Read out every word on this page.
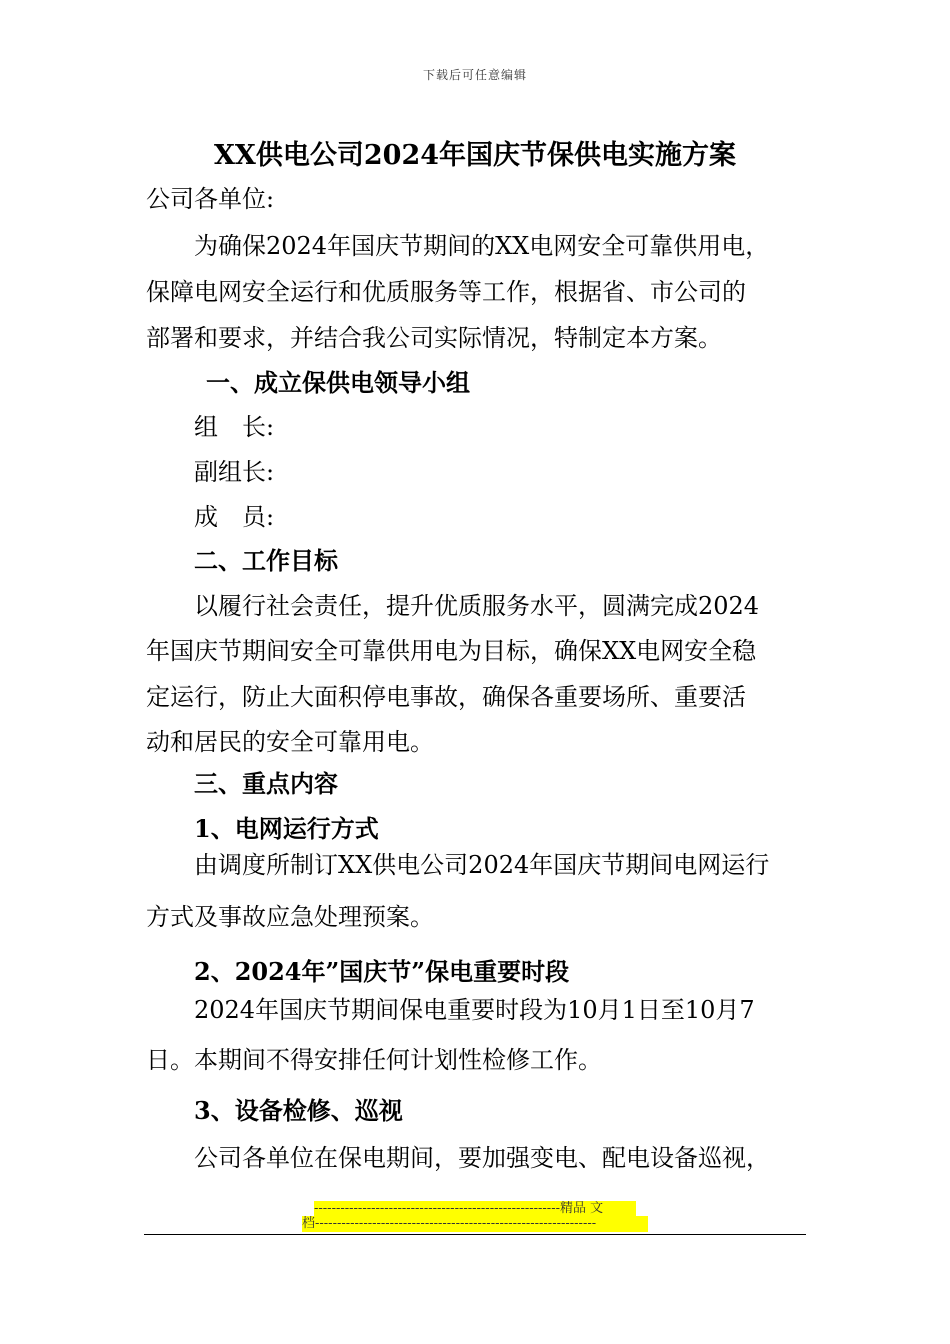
下载后可任意编辑
XX供电公司2024年国庆节保供电实施方案
公司各单位:
为确保2024年国庆节期间的XX电网安全可靠供用电，
保障电网安全运行和优质服务等工作，根据省、市公司的
部署和要求，并结合我公司实际情况，特制定本方案。
一、成立保供电领导小组
组　长:
副组长:
成　员:
二、工作目标
以履行社会责任，提升优质服务水平，圆满完成2024
年国庆节期间安全可靠供用电为目标，确保XX电网安全稳
定运行，防止大面积停电事故，确保各重要场所、重要活
动和居民的安全可靠用电。
三、重点内容
1、电网运行方式
由调度所制订XX供电公司2024年国庆节期间电网运行
方式及事故应急处理预案。
2、2024年”国庆节”保电重要时段
2024年国庆节期间保电重要时段为10月1日至10月7
日。本期间不得安排任何计划性检修工作。
3、设备检修、巡视
公司各单位在保电期间，要加强变电、配电设备巡视，
--------------------------------------------------------精品 文
档----------------------------------------------------------------
